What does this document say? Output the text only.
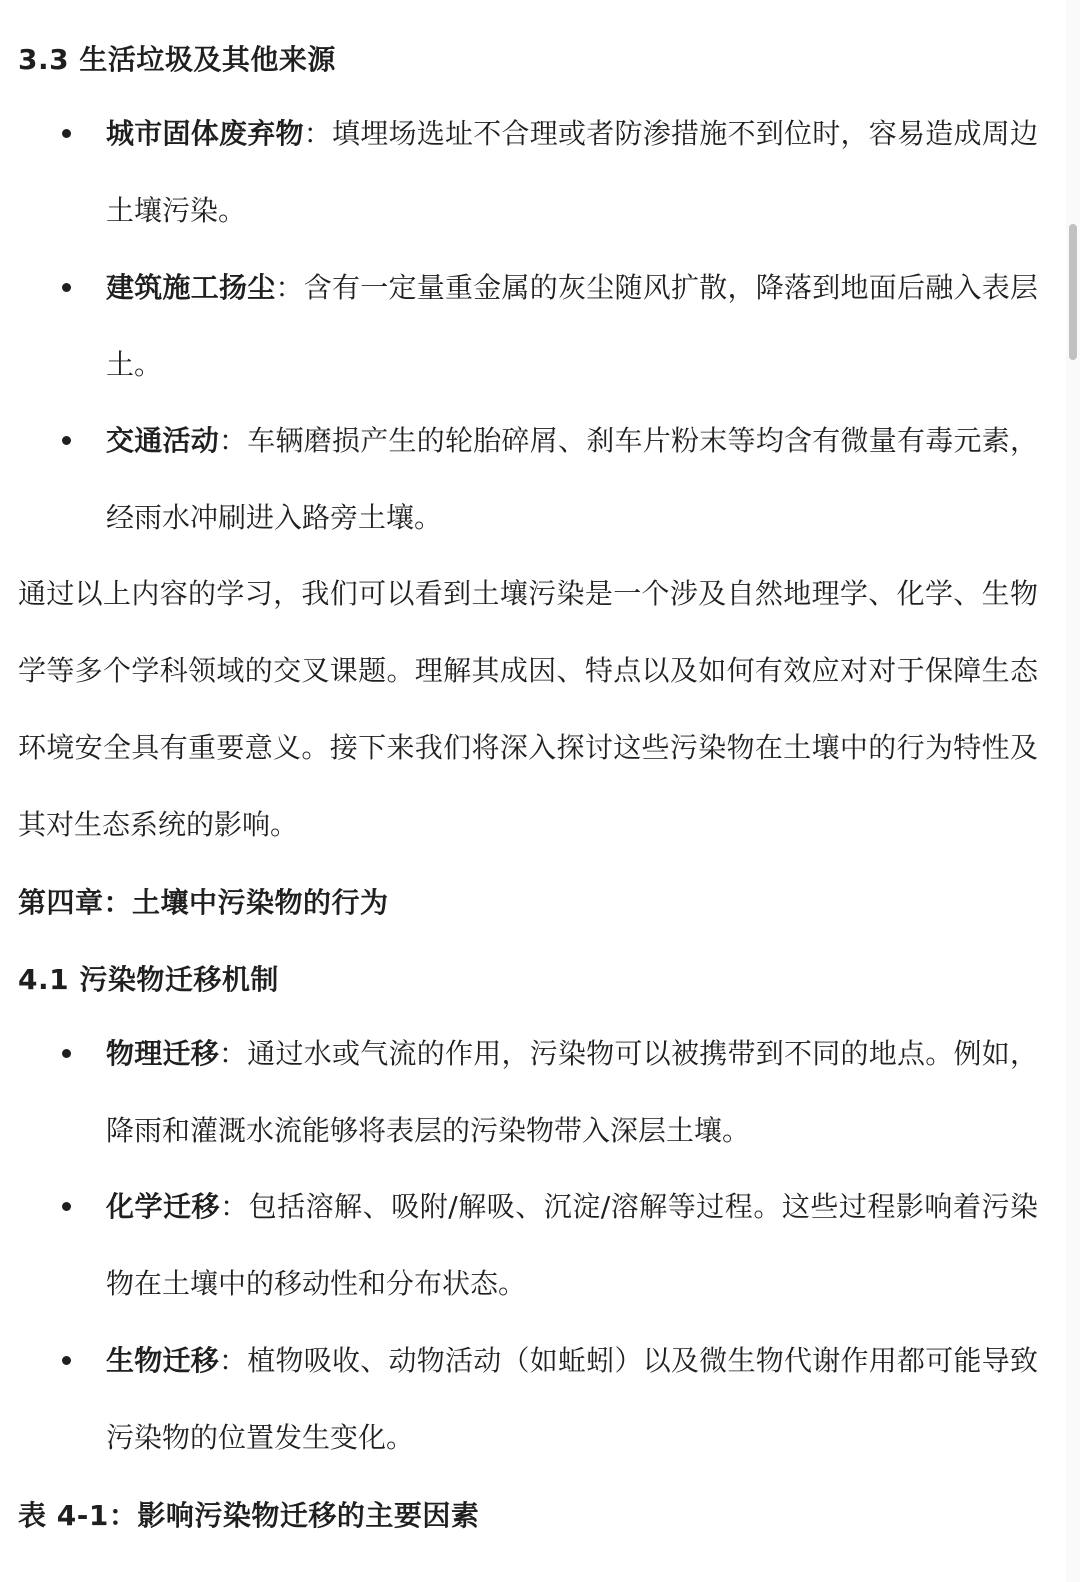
3.3 生活垃圾及其他来源
城市固体废弃物：填埋场选址不合理或者防渗措施不到位时，容易造成周边土壤污染。
建筑施工扬尘：含有一定量重金属的灰尘随风扩散，降落到地面后融入表层土。
交通活动：车辆磨损产生的轮胎碎屑、刹车片粉末等均含有微量有毒元素，经雨水冲刷进入路旁土壤。
通过以上内容的学习，我们可以看到土壤污染是一个涉及自然地理学、化学、生物学等多个学科领域的交叉课题。理解其成因、特点以及如何有效应对对于保障生态环境安全具有重要意义。接下来我们将深入探讨这些污染物在土壤中的行为特性及其对生态系统的影响。
第四章：土壤中污染物的行为
4.1 污染物迁移机制
物理迁移：通过水或气流的作用，污染物可以被携带到不同的地点。例如，降雨和灌溉水流能够将表层的污染物带入深层土壤。
化学迁移：包括溶解、吸附/解吸、沉淀/溶解等过程。这些过程影响着污染物在土壤中的移动性和分布状态。
生物迁移：植物吸收、动物活动（如蚯蚓）以及微生物代谢作用都可能导致污染物的位置发生变化。
表 4-1：影响污染物迁移的主要因素
